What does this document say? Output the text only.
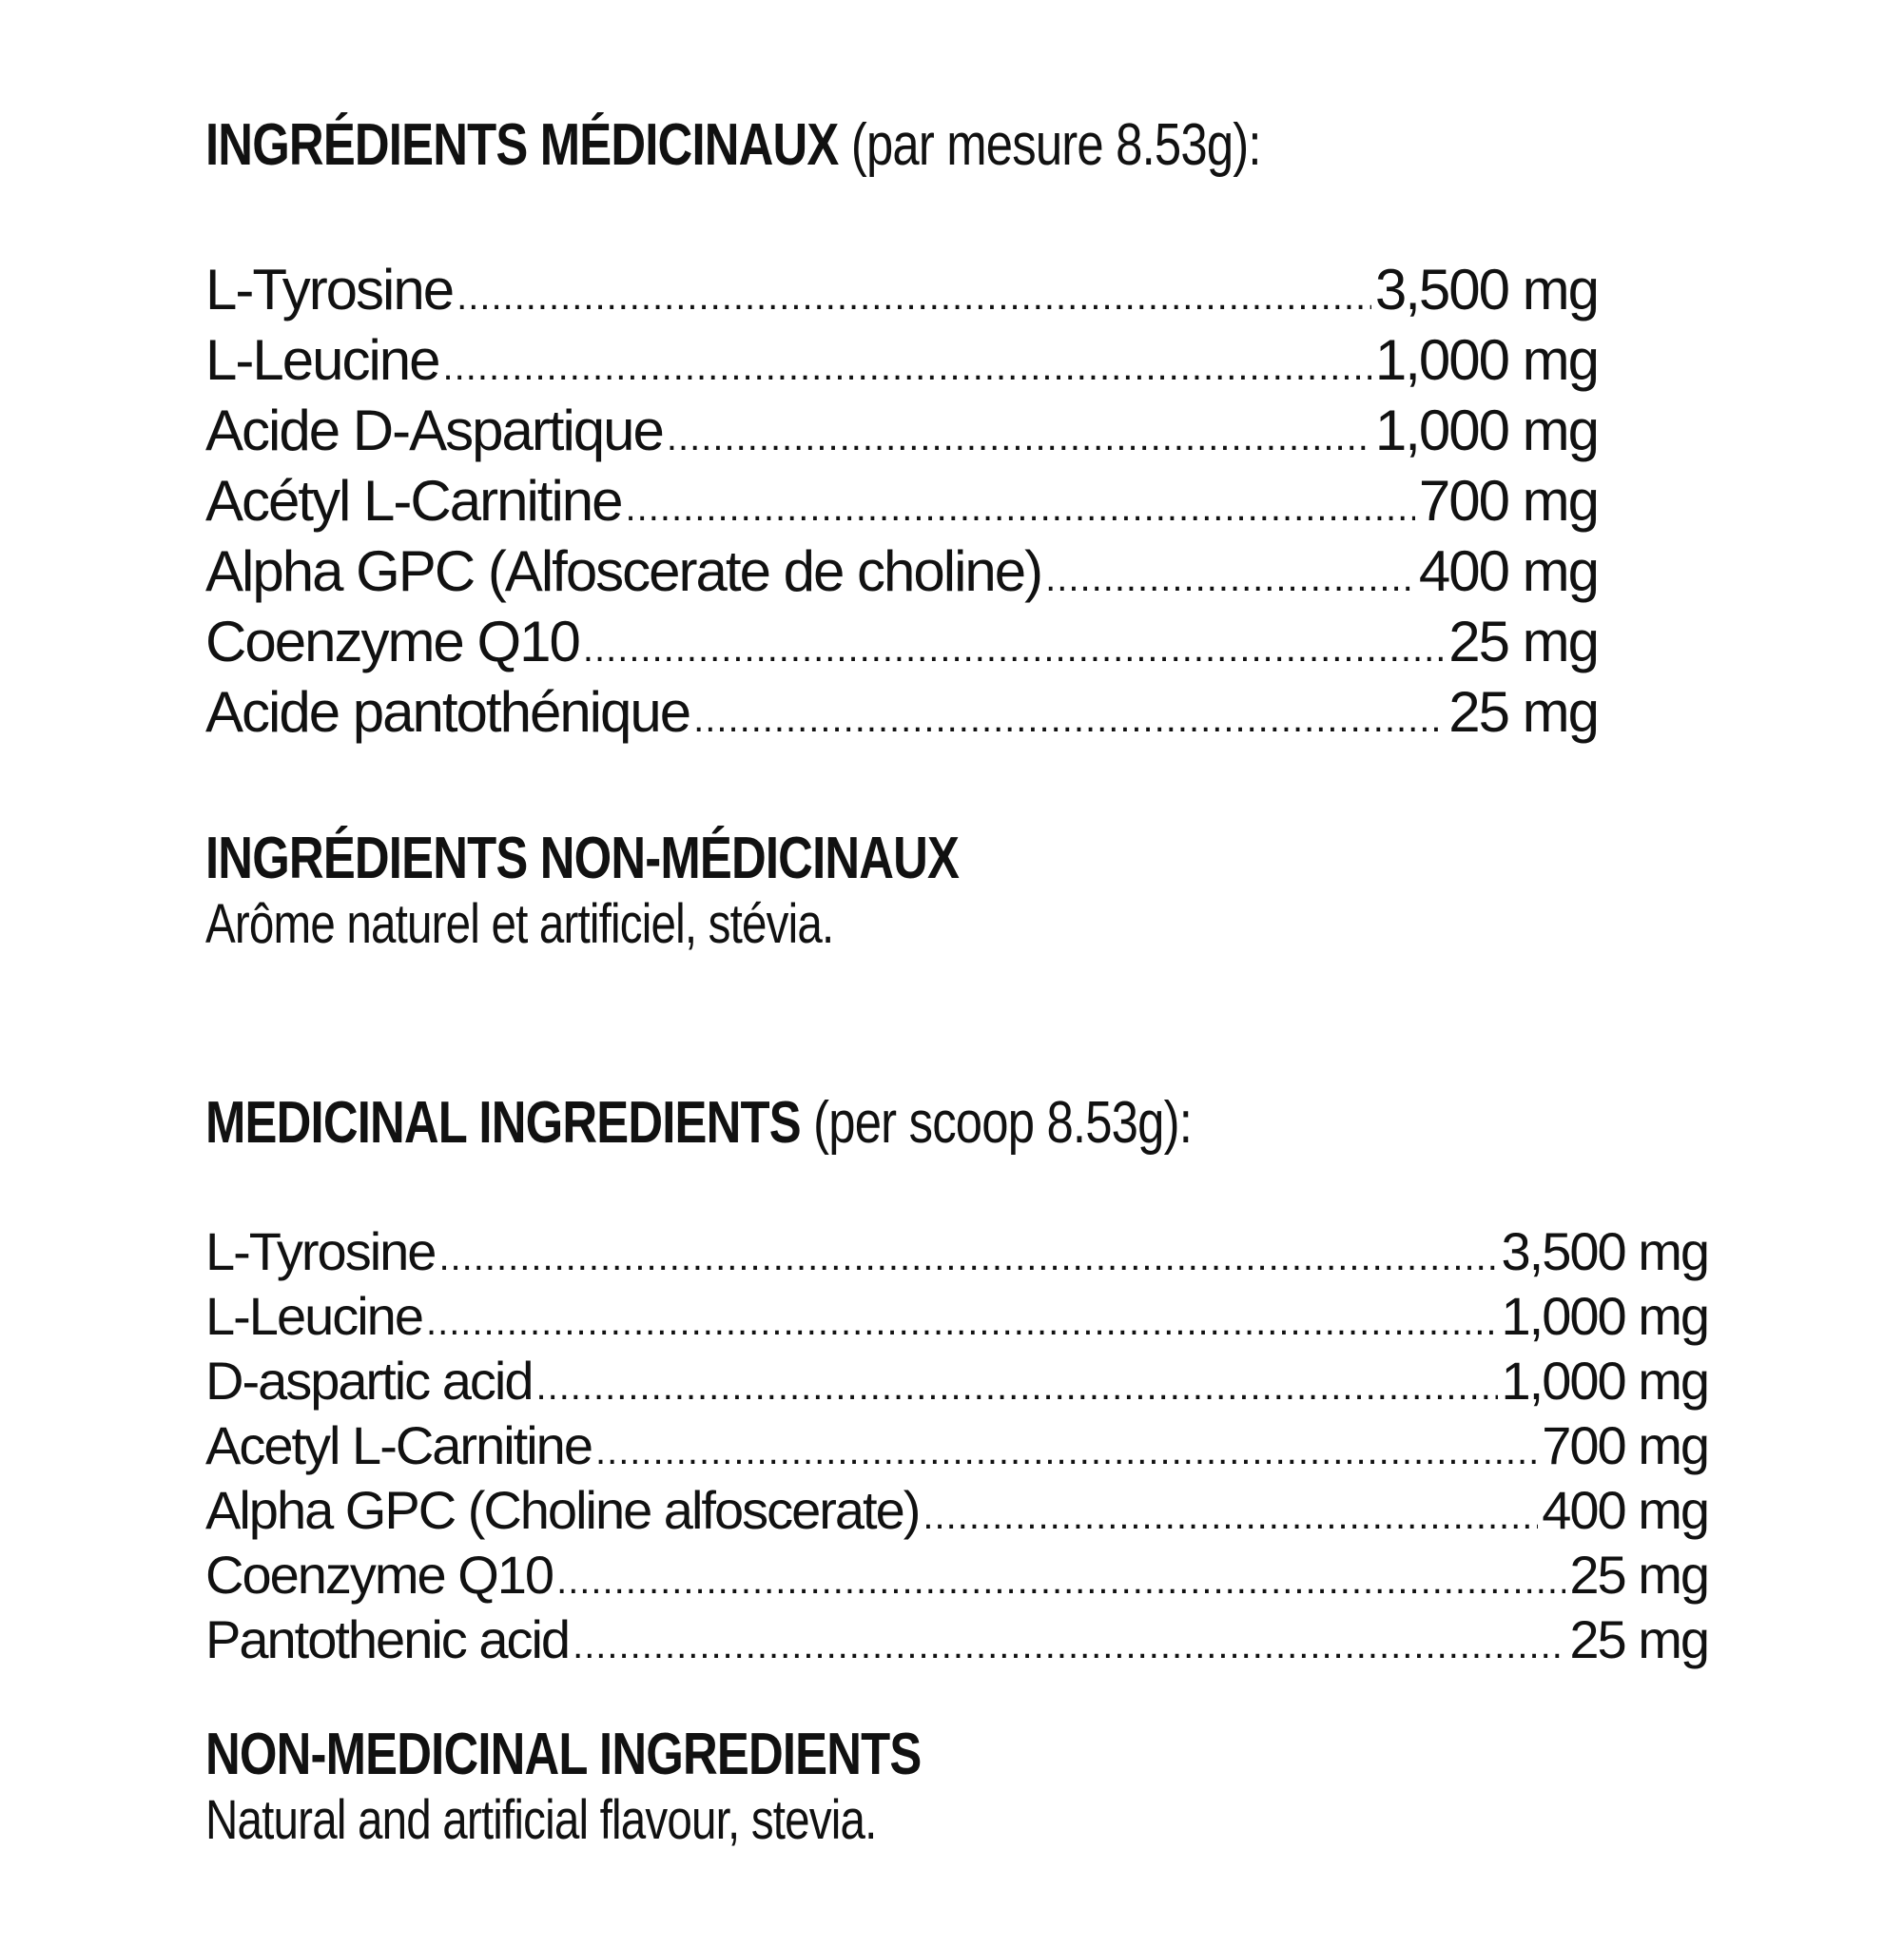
INGRÉDIENTS MÉDICINAUX (par mesure 8.53g):
L-Tyrosine .....	3,500 mg
L-Leucine .....	1,000 mg
Acide D-Aspartique .....	1,000 mg
Acétyl L-Carnitine .....	700 mg
Alpha GPC (Alfoscerate de choline) .....	400 mg
Coenzyme Q10 .....	25 mg
Acide pantothénique .....	25 mg
INGRÉDIENTS NON-MÉDICINAUX
Arôme naturel et artificiel, stévia.
MEDICINAL INGREDIENTS (per scoop 8.53g):
L-Tyrosine .....	3,500 mg
L-Leucine .....	1,000 mg
D-aspartic acid .....	1,000 mg
Acetyl L-Carnitine .....	700 mg
Alpha GPC (Choline alfoscerate) .....	400 mg
Coenzyme Q10 .....	25 mg
Pantothenic acid .....	25 mg
NON-MEDICINAL INGREDIENTS
Natural and artificial flavour, stevia.
